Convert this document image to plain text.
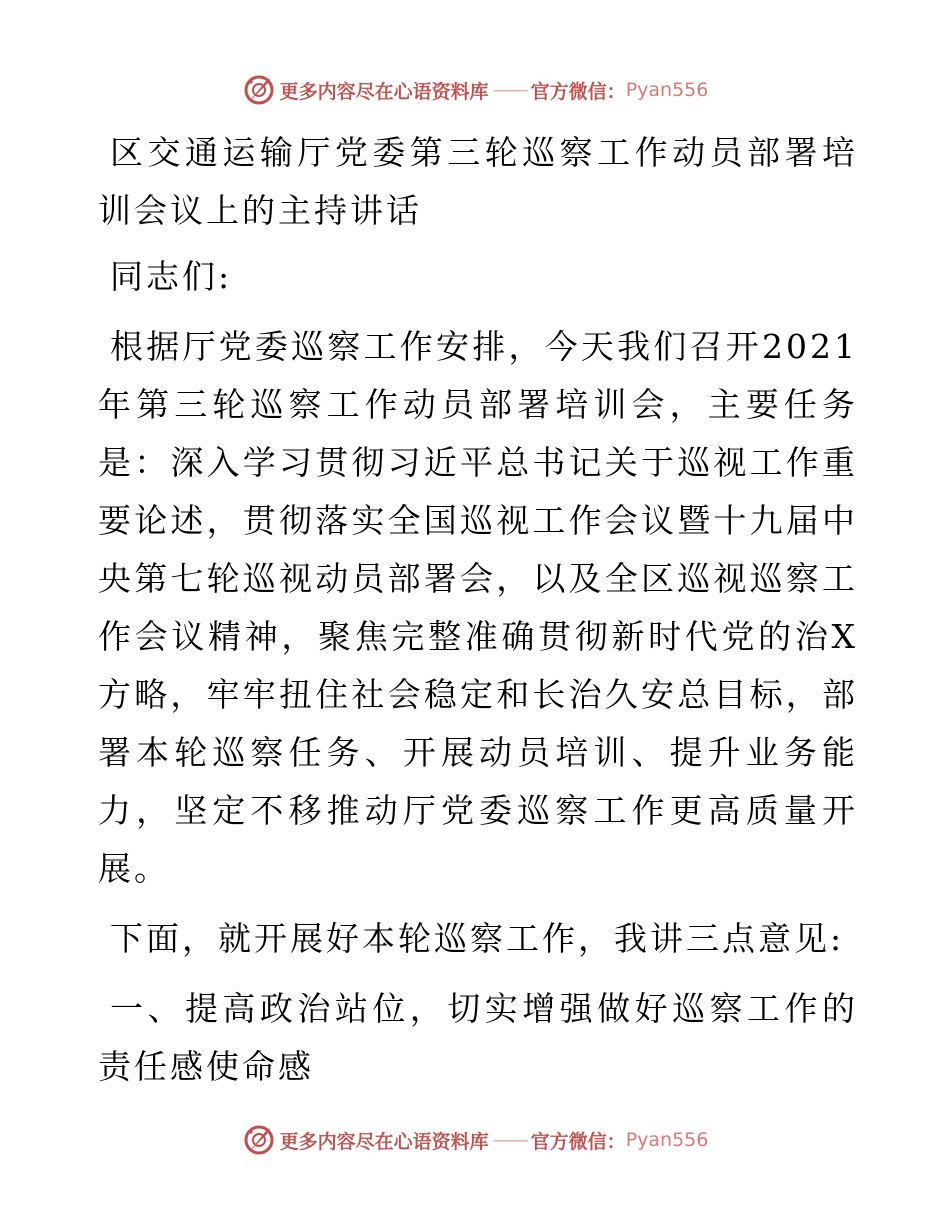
更多内容尽在心语资料库 —— 官方微信： Pyan556

区交通运输厅党委第三轮巡察工作动员部署培训会议上的主持讲话

同志们:

根据厅党委巡察工作安排，今天我们召开2021年第三轮巡察工作动员部署培训会，主要任务是：深入学习贯彻习近平总书记关于巡视工作重要论述，贯彻落实全国巡视工作会议暨十九届中央第七轮巡视动员部署会，以及全区巡视巡察工作会议精神，聚焦完整准确贯彻新时代党的治X方略，牢牢扭住社会稳定和长治久安总目标，部署本轮巡察任务、开展动员培训、提升业务能力，坚定不移推动厅党委巡察工作更高质量开展。

下面，就开展好本轮巡察工作，我讲三点意见:

一、提高政治站位，切实增强做好巡察工作的责任感使命感

更多内容尽在心语资料库 —— 官方微信： Pyan556
